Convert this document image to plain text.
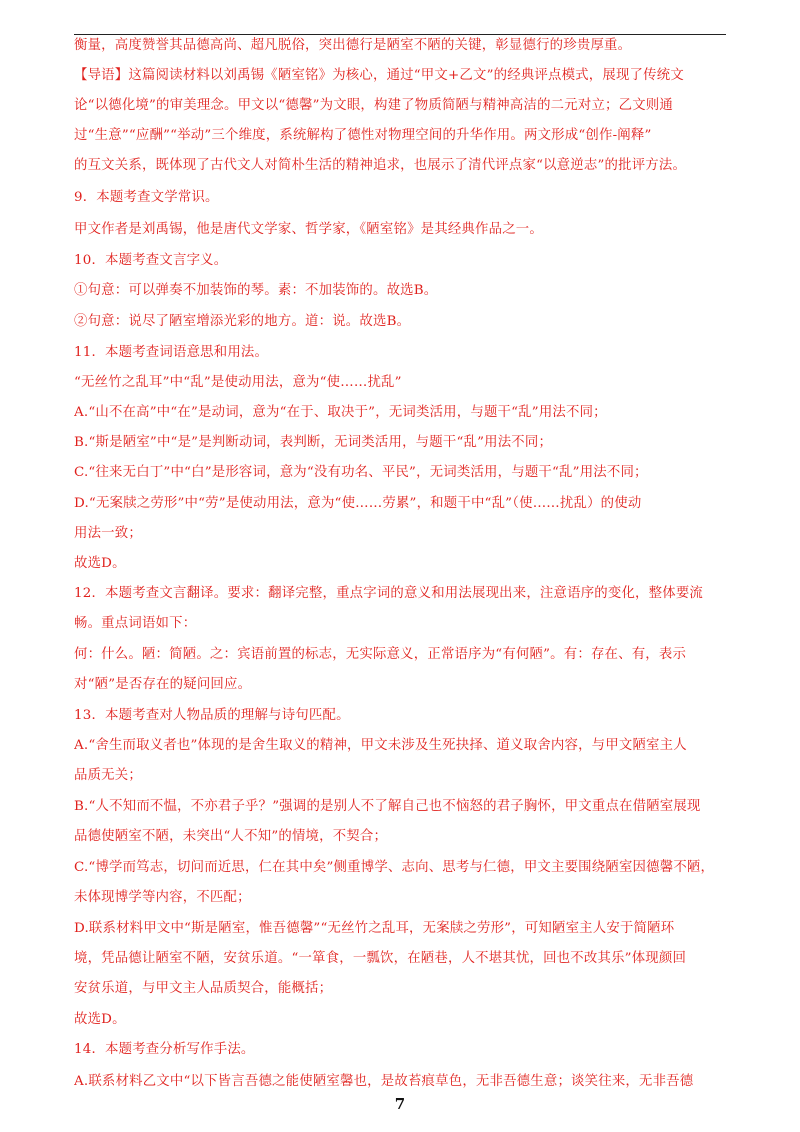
衡量，高度赞誉其品德高尚、超凡脱俗，突出德行是陋室不陋的关键，彰显德行的珍贵厚重。
【导语】这篇阅读材料以刘禹锡《陋室铭》为核心，通过“甲文+乙文”的经典评点模式，展现了传统文
论“以德化境”的审美理念。甲文以“德馨”为文眼，构建了物质简陋与精神高洁的二元对立；乙文则通
过“生意”“应酬”“举动”三个维度，系统解构了德性对物理空间的升华作用。两文形成“创作-阐释”
的互文关系，既体现了古代文人对简朴生活的精神追求，也展示了清代评点家“以意逆志”的批评方法。
9．本题考查文学常识。
甲文作者是刘禹锡，他是唐代文学家、哲学家，《陋室铭》是其经典作品之一。
10．本题考查文言字义。
①句意：可以弹奏不加装饰的琴。素：不加装饰的。故选B。
②句意：说尽了陋室增添光彩的地方。道：说。故选B。
11．本题考查词语意思和用法。
“无丝竹之乱耳”中“乱”是使动用法，意为“使……扰乱”
A.“山不在高”中“在”是动词，意为“在于、取决于”，无词类活用，与题干“乱”用法不同；
B.“斯是陋室”中“是”是判断动词，表判断，无词类活用，与题干“乱”用法不同；
C.“往来无白丁”中“白”是形容词，意为“没有功名、平民”，无词类活用，与题干“乱”用法不同；
D.“无案牍之劳形”中“劳”是使动用法，意为“使……劳累”，和题干中“乱”（使……扰乱）的使动
用法一致；
故选D。
12．本题考查文言翻译。要求：翻译完整，重点字词的意义和用法展现出来，注意语序的变化，整体要流
畅。重点词语如下：
何：什么。陋：简陋。之：宾语前置的标志，无实际意义，正常语序为“有何陋”。有：存在、有，表示
对“陋”是否存在的疑问回应。
13．本题考查对人物品质的理解与诗句匹配。
A.“舍生而取义者也”体现的是舍生取义的精神，甲文未涉及生死抉择、道义取舍内容，与甲文陋室主人
品质无关；
B.“人不知而不愠，不亦君子乎？”强调的是别人不了解自己也不恼怒的君子胸怀，甲文重点在借陋室展现
品德使陋室不陋，未突出“人不知”的情境，不契合；
C.“博学而笃志，切问而近思，仁在其中矣”侧重博学、志向、思考与仁德，甲文主要围绕陋室因德馨不陋，
未体现博学等内容，不匹配；
D.联系材料甲文中“斯是陋室，惟吾德馨”“无丝竹之乱耳，无案牍之劳形”，可知陋室主人安于简陋环
境，凭品德让陋室不陋，安贫乐道。“一箪食，一瓢饮，在陋巷，人不堪其忧，回也不改其乐”体现颜回
安贫乐道，与甲文主人品质契合，能概括；
故选D。
14．本题考查分析写作手法。
A.联系材料乙文中“以下皆言吾德之能使陋室馨也，是故苔痕草色，无非吾德生意；谈笑往来，无非吾德
7
